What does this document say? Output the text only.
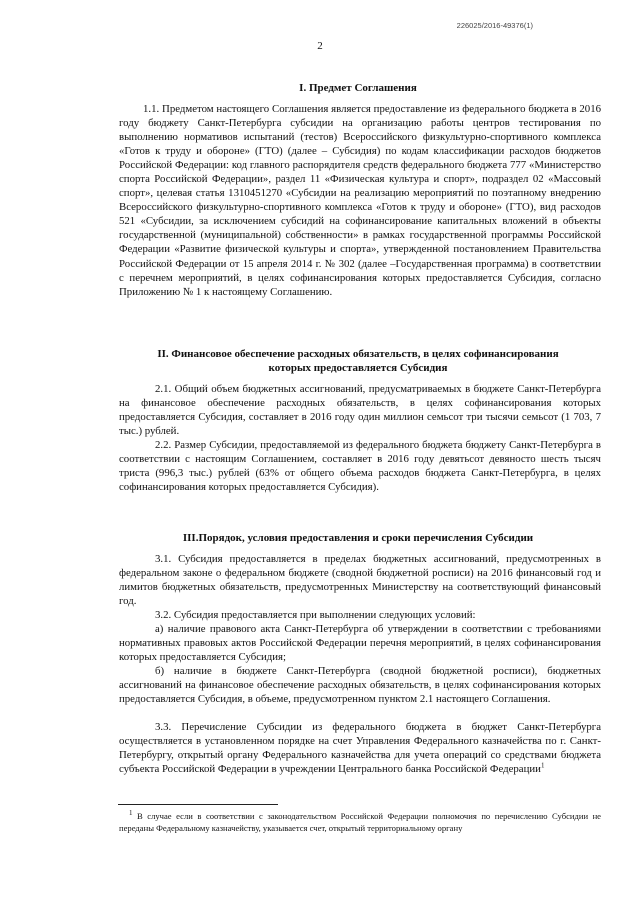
226025/2016-49376(1)
2
I. Предмет Соглашения

1.1. Предметом настоящего Соглашения является предоставление из федерального бюджета в 2016 году бюджету Санкт-Петербурга субсидии на организацию работы центров тестирования по выполнению нормативов испытаний (тестов) Всероссийского физкультурно-спортивного комплекса «Готов к труду и обороне» (ГТО) (далее – Субсидия) по кодам классификации расходов бюджетов Российской Федерации: код главного распорядителя средств федерального бюджета 777 «Министерство спорта Российской Федерации», раздел 11 «Физическая культура и спорт», подраздел 02 «Массовый спорт», целевая статья 1310451270 «Субсидии на реализацию мероприятий по поэтапному внедрению Всероссийского физкультурно-спортивного комплекса «Готов к труду и обороне» (ГТО), вид расходов 521 «Субсидии, за исключением субсидий на софинансирование капитальных вложений в объекты государственной (муниципальной) собственности» в рамках государственной программы Российской Федерации «Развитие физической культуры и спорта», утвержденной постановлением Правительства Российской Федерации от 15 апреля 2014 г. № 302 (далее –Государственная программа) в соответствии с перечнем мероприятий, в целях софинансирования которых предоставляется Субсидия, согласно Приложению № 1 к настоящему Соглашению.

II. Финансовое обеспечение расходных обязательств, в целях софинансирования
которых предоставляется Субсидия

2.1. Общий объем бюджетных ассигнований, предусматриваемых в бюджете Санкт-Петербурга на финансовое обеспечение расходных обязательств, в целях софинансирования которых предоставляется Субсидия, составляет в 2016 году один миллион семьсот три тысячи семьсот (1 703, 7 тыс.) рублей.

2.2. Размер Субсидии, предоставляемой из федерального бюджета бюджету Санкт-Петербурга в соответствии с настоящим Соглашением, составляет в 2016 году девятьсот девяносто шесть тысяч триста (996,3 тыс.) рублей (63% от общего объема расходов бюджета Санкт-Петербурга, в целях софинансирования которых предоставляется Субсидия).

III.Порядок, условия предоставления и сроки перечисления Субсидии

3.1. Субсидия предоставляется в пределах бюджетных ассигнований, предусмотренных в федеральном законе о федеральном бюджете (сводной бюджетной росписи) на 2016 финансовый год и лимитов бюджетных обязательств, предусмотренных Министерству на соответствующий финансовый год.

3.2. Субсидия предоставляется при выполнении следующих условий:

а) наличие правового акта Санкт-Петербурга об утверждении в соответствии с требованиями нормативных правовых актов Российской Федерации перечня мероприятий, в целях софинансирования которых предоставляется Субсидия;

б) наличие в бюджете Санкт-Петербурга (сводной бюджетной росписи), бюджетных ассигнований на финансовое обеспечение расходных обязательств, в целях софинансирования которых предоставляется Субсидия, в объеме, предусмотренном пунктом 2.1 настоящего Соглашения.

3.3. Перечисление Субсидии из федерального бюджета в бюджет Санкт-Петербурга осуществляется в установленном порядке на счет Управления Федерального казначейства по г. Санкт-Петербургу, открытый органу Федерального казначейства для учета операций со средствами бюджета субъекта Российской Федерации в учреждении Центрального банка Российской Федерации$^1$

$^1$ В случае если в соответствии с законодательством Российской Федерации полномочия по перечислению Субсидии не переданы Федеральному казначейству, указывается счет, открытый территориальному органу
